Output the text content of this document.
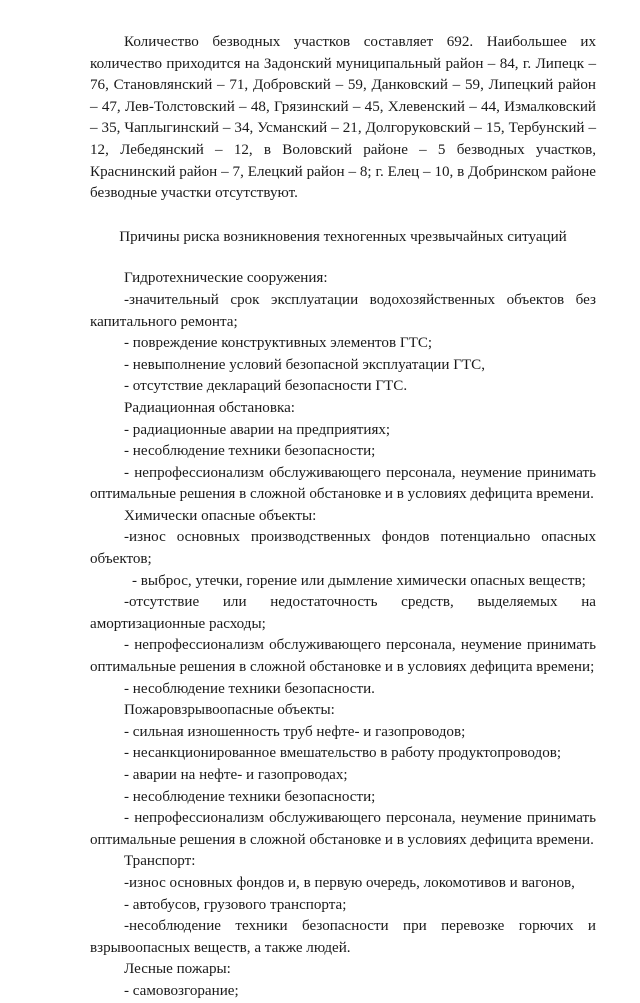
Количество безводных участков составляет 692. Наибольшее их количество приходится на Задонский муниципальный район – 84, г. Липецк – 76, Становлянский – 71, Добровский – 59, Данковский – 59, Липецкий район – 47, Лев-Толстовский – 48, Грязинский – 45, Хлевенский – 44, Измалковский – 35, Чаплыгинский – 34, Усманский – 21, Долгоруковский – 15, Тербунский – 12, Лебедянский – 12, в Воловский районе – 5 безводных участков, Краснинский район – 7, Елецкий район – 8; г. Елец – 10, в Добринском районе безводные участки отсутствуют.

Причины риска возникновения техногенных чрезвычайных ситуаций

Гидротехнические сооружения:

-значительный срок эксплуатации водохозяйственных объектов без капитального ремонта;

- повреждение конструктивных элементов ГТС;

- невыполнение условий безопасной эксплуатации ГТС,

- отсутствие деклараций безопасности ГТС.

Радиационная обстановка:

- радиационные аварии на предприятиях;

- несоблюдение техники безопасности;

- непрофессионализм обслуживающего персонала, неумение принимать оптимальные решения в сложной обстановке и в условиях дефицита времени.

Химически опасные объекты:

-износ основных производственных фондов потенциально опасных объектов;

- выброс, утечки, горение или дымление химически опасных веществ;

-отсутствие или недостаточность средств, выделяемых на амортизационные расходы;

- непрофессионализм обслуживающего персонала, неумение принимать оптимальные решения в сложной обстановке и в условиях дефицита времени;

- несоблюдение техники безопасности.

Пожаровзрывоопасные объекты:

- сильная изношенность труб нефте- и газопроводов;

- несанкционированное вмешательство в работу продуктопроводов;

- аварии на нефте- и газопроводах;

- несоблюдение техники безопасности;

- непрофессионализм обслуживающего персонала, неумение принимать оптимальные решения в сложной обстановке и в условиях дефицита времени.

Транспорт:

-износ основных фондов и, в первую очередь, локомотивов и вагонов,

- автобусов, грузового транспорта;

-несоблюдение техники безопасности при перевозке горючих и взрывоопасных веществ, а также людей.

Лесные пожары:

- самовозгорание;
